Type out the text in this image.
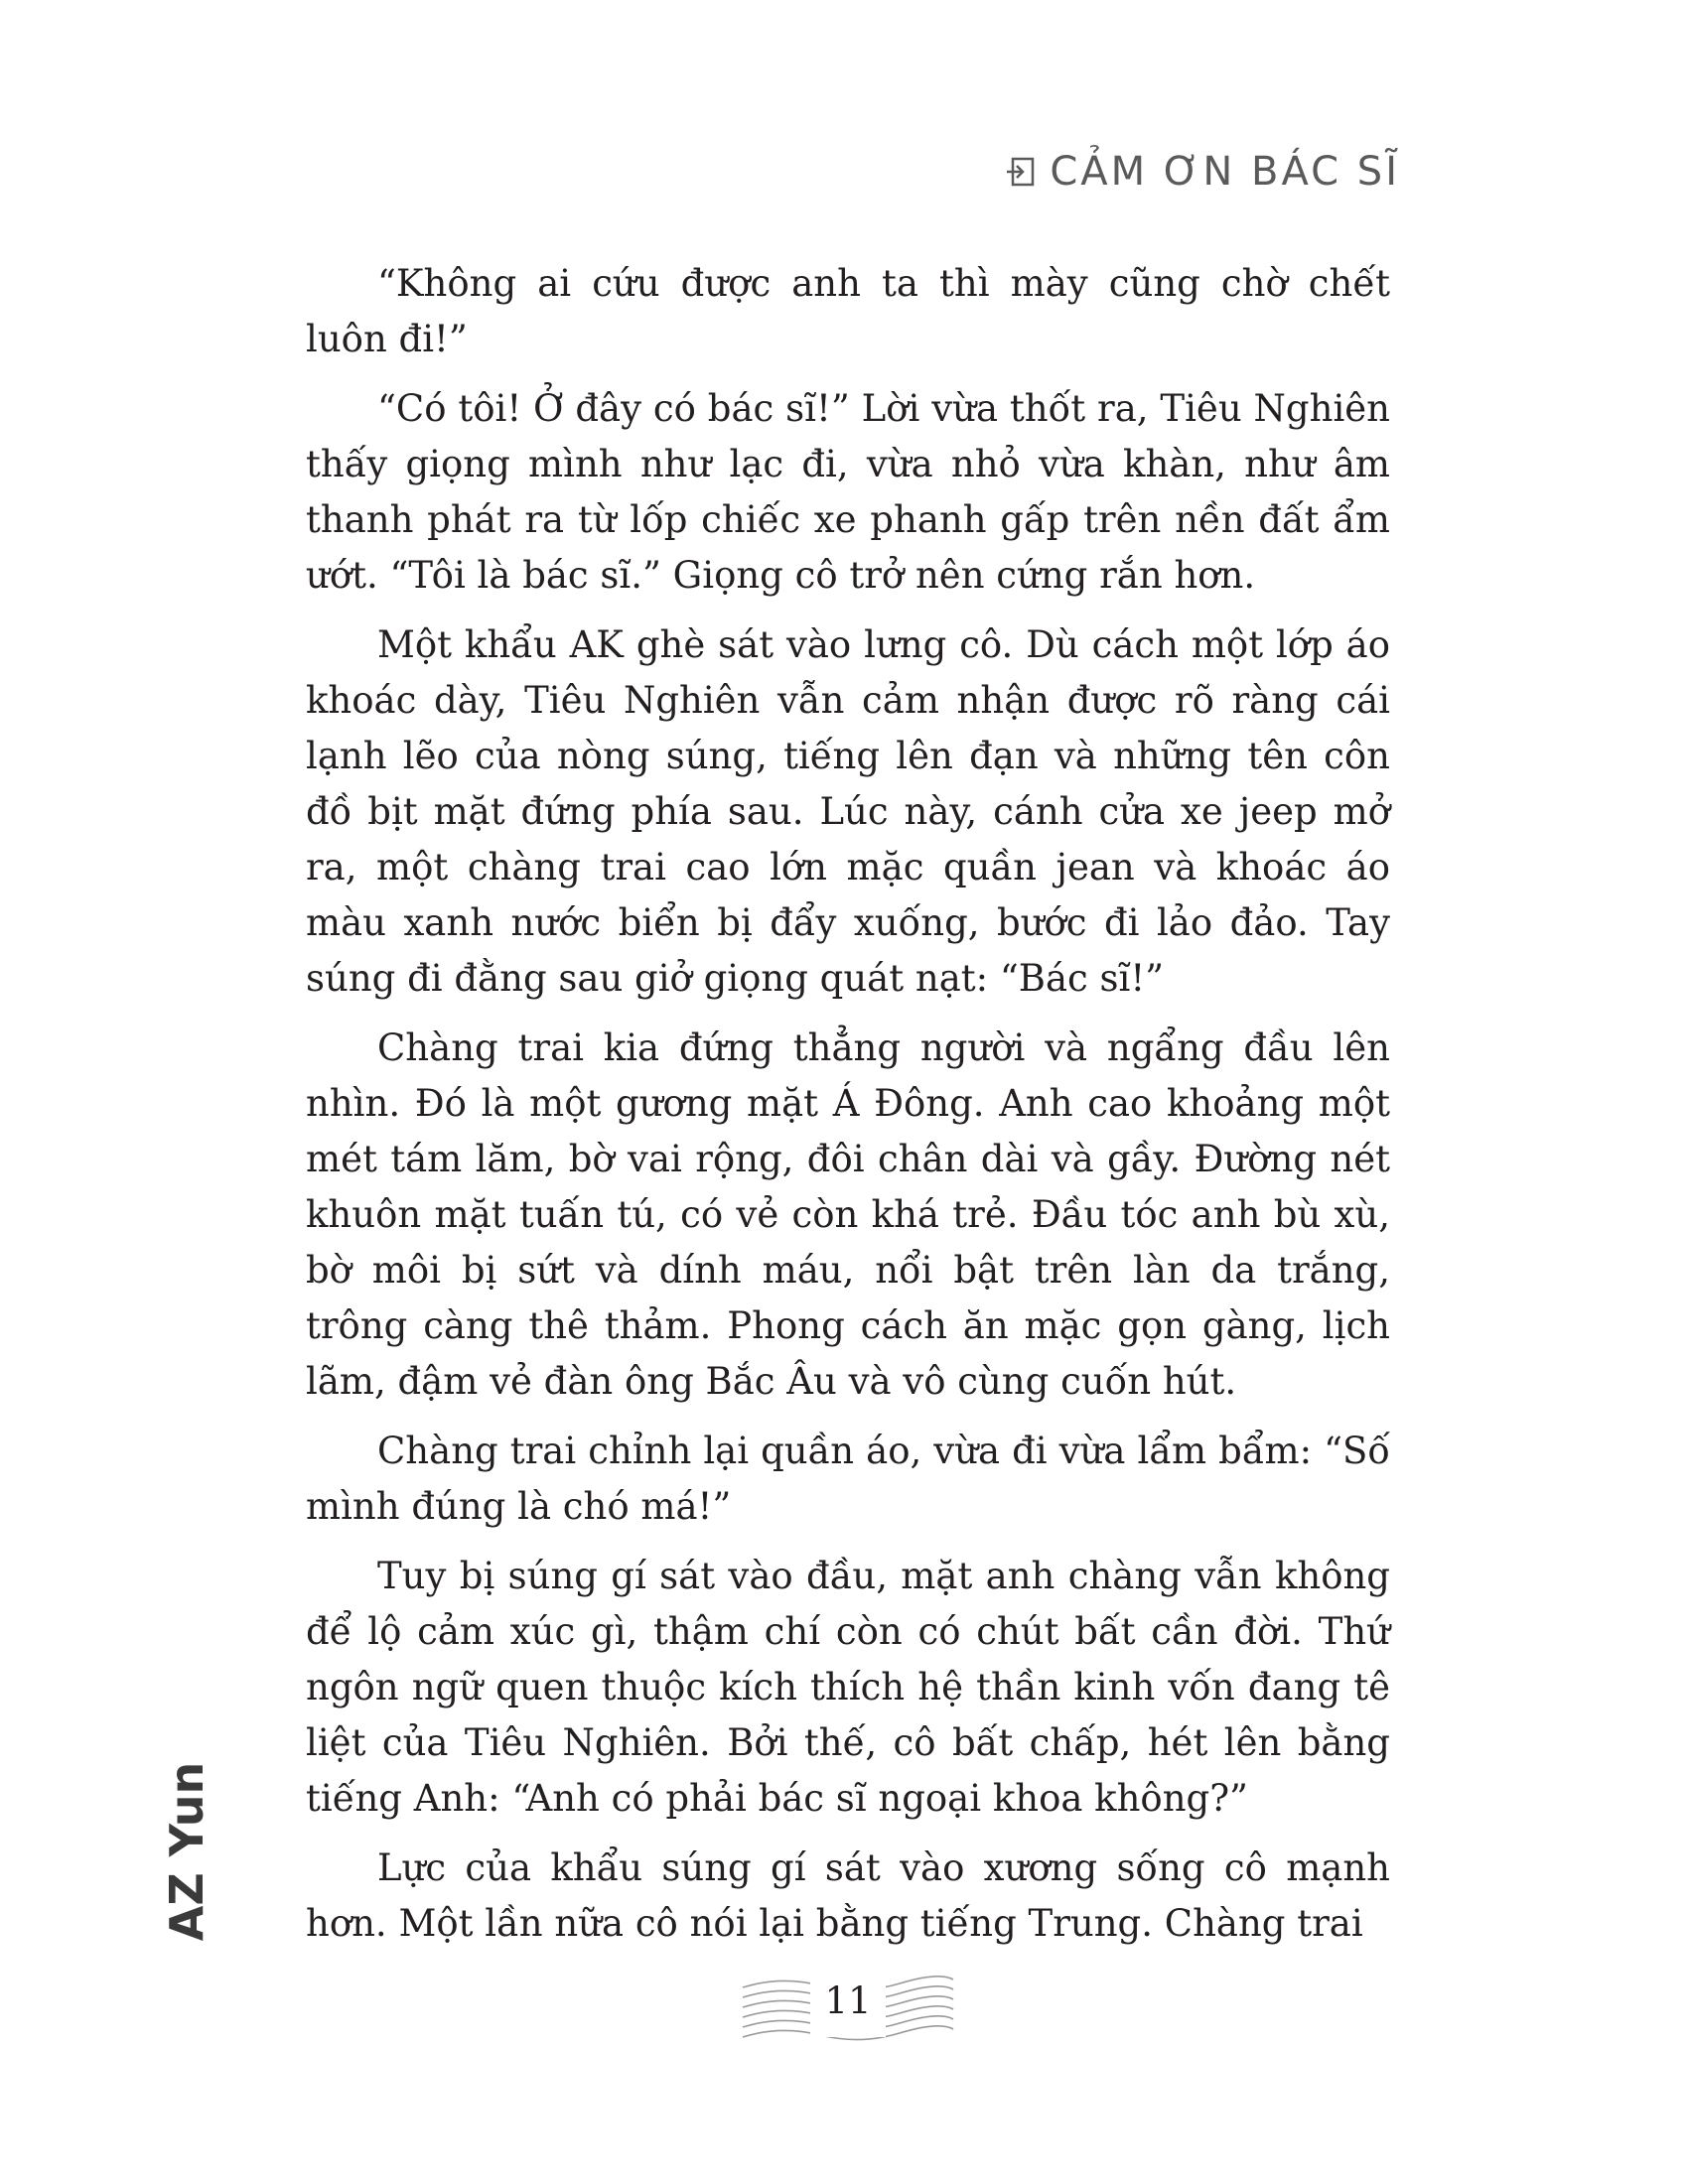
CẢM ƠN BÁC SĨ

“Không ai cứu được anh ta thì mày cũng chờ chết luôn đi!”

“Có tôi! Ở đây có bác sĩ!” Lời vừa thốt ra, Tiêu Nghiên thấy giọng mình như lạc đi, vừa nhỏ vừa khàn, như âm thanh phát ra từ lốp chiếc xe phanh gấp trên nền đất ẩm ướt. “Tôi là bác sĩ.” Giọng cô trở nên cứng rắn hơn.

Một khẩu AK ghè sát vào lưng cô. Dù cách một lớp áo khoác dày, Tiêu Nghiên vẫn cảm nhận được rõ ràng cái lạnh lẽo của nòng súng, tiếng lên đạn và những tên côn đồ bịt mặt đứng phía sau. Lúc này, cánh cửa xe jeep mở ra, một chàng trai cao lớn mặc quần jean và khoác áo màu xanh nước biển bị đẩy xuống, bước đi lảo đảo. Tay súng đi đằng sau giở giọng quát nạt: “Bác sĩ!”

Chàng trai kia đứng thẳng người và ngẩng đầu lên nhìn. Đó là một gương mặt Á Đông. Anh cao khoảng một mét tám lăm, bờ vai rộng, đôi chân dài và gầy. Đường nét khuôn mặt tuấn tú, có vẻ còn khá trẻ. Đầu tóc anh bù xù, bờ môi bị sứt và dính máu, nổi bật trên làn da trắng, trông càng thê thảm. Phong cách ăn mặc gọn gàng, lịch lãm, đậm vẻ đàn ông Bắc Âu và vô cùng cuốn hút.

Chàng trai chỉnh lại quần áo, vừa đi vừa lẩm bẩm: “Số mình đúng là chó má!”

Tuy bị súng gí sát vào đầu, mặt anh chàng vẫn không để lộ cảm xúc gì, thậm chí còn có chút bất cần đời. Thứ ngôn ngữ quen thuộc kích thích hệ thần kinh vốn đang tê liệt của Tiêu Nghiên. Bởi thế, cô bất chấp, hét lên bằng tiếng Anh: “Anh có phải bác sĩ ngoại khoa không?”

Lực của khẩu súng gí sát vào xương sống cô mạnh hơn. Một lần nữa cô nói lại bằng tiếng Trung. Chàng trai

AZ Yun
11
